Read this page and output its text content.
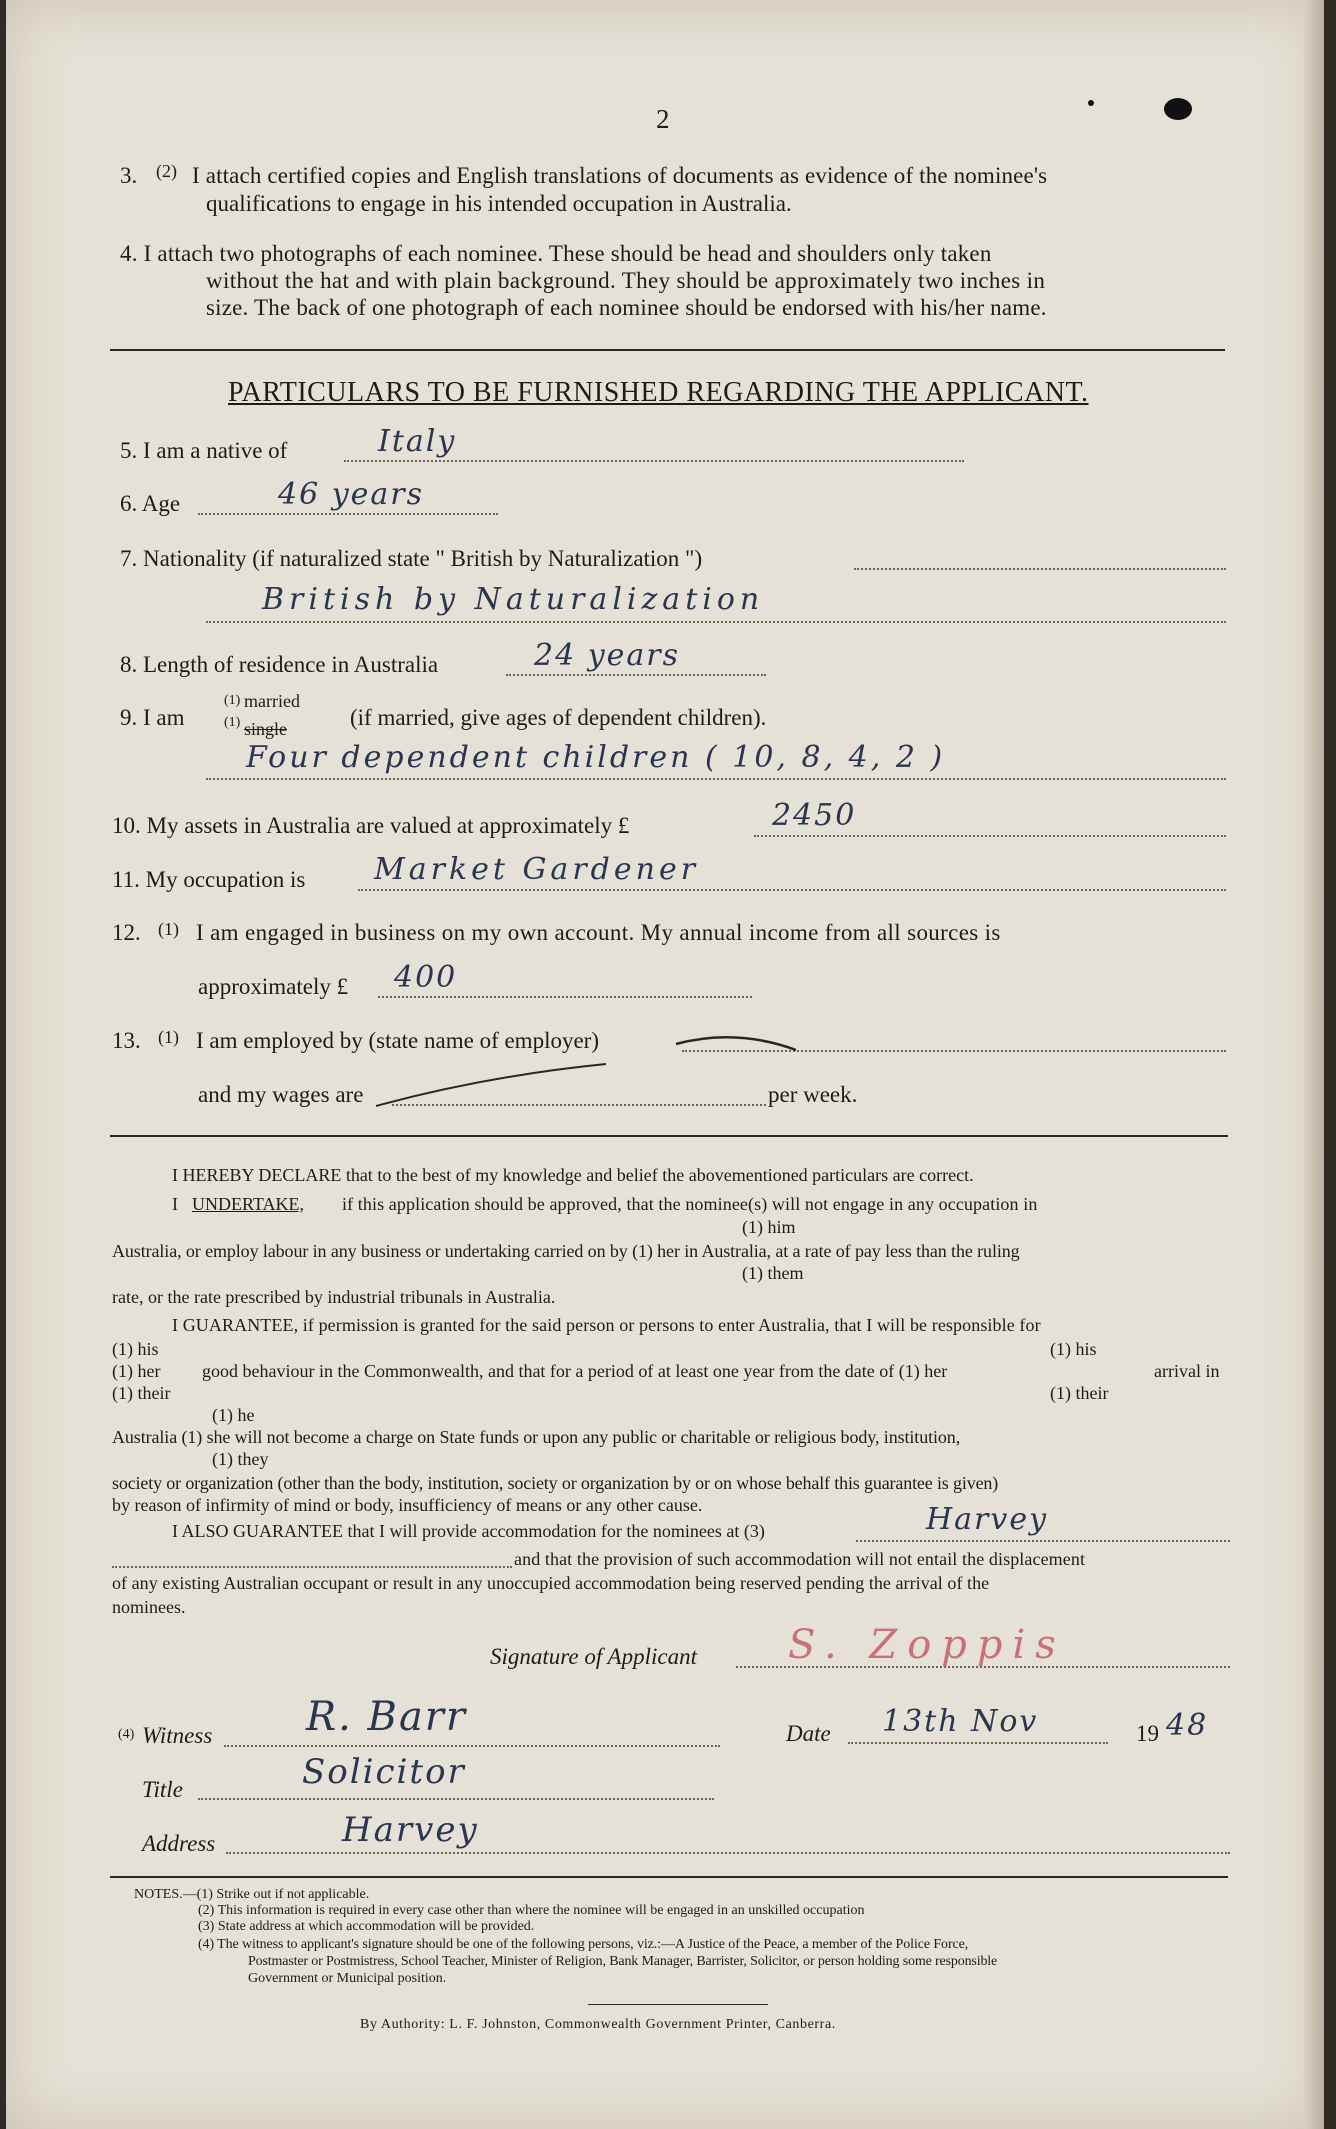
2
3. (2) I attach certified copies and English translations of documents as evidence of the nominee's
qualifications to engage in his intended occupation in Australia.
4. I attach two photographs of each nominee. These should be head and shoulders only taken
without the hat and with plain background. They should be approximately two inches in
size. The back of one photograph of each nominee should be endorsed with his/her name.
PARTICULARS TO BE FURNISHED REGARDING THE APPLICANT.
5. I am a native of	Italy
6. Age	46 years
7. Nationality (if naturalized state " British by Naturalization ")
British by Naturalization
8. Length of residence in Australia	24 years
9. I am
(1) married
(1) single	(if married, give ages of dependent children).
Four dependent children ( 10, 8, 4, 2 )
10. My assets in Australia are valued at approximately £	2450
11. My occupation is Market Gardener
12. (1) I am engaged in business on my own account. My annual income from all sources is
approximately £ 400
13. (1) I am employed by (state name of employer)
and my wages are	per week.
I HEREBY DECLARE that to the best of my knowledge and belief the abovementioned particulars are correct.
I UNDERTAKE, if this application should be approved, that the nominee(s) will not engage in any occupation in
(1) him
Australia, or employ labour in any business or undertaking carried on by (1) her in Australia, at a rate of pay less than the ruling
(1) them
rate, or the rate prescribed by industrial tribunals in Australia.
I GUARANTEE, if permission is granted for the said person or persons to enter Australia, that I will be responsible for
(1) his
(1) her
(1) their
good behaviour in the Commonwealth, and that for a period of at least one year from the date of (1) her
(1) his
(1) their
arrival in
(1) he
Australia (1) she will not become a charge on State funds or upon any public or charitable or religious body, institution,
(1) they
society or organization (other than the body, institution, society or organization by or on whose behalf this guarantee is given)
by reason of infirmity of mind or body, insufficiency of means or any other cause.
I ALSO GUARANTEE that I will provide accommodation for the nominees at (3)	Harvey
and that the provision of such accommodation will not entail the displacement
of any existing Australian occupant or result in any unoccupied accommodation being reserved pending the arrival of the
nominees.
Signature of Applicant S. Zoppis
(4) Witness R. Barr	Date 13th Nov	19 48
Title	Solicitor
Address	Harvey
NOTES.—(1) Strike out if not applicable.
(2) This information is required in every case other than where the nominee will be engaged in an unskilled occupation
(3) State address at which accommodation will be provided.
(4) The witness to applicant's signature should be one of the following persons, viz.:—A Justice of the Peace, a member of the Police Force,
Postmaster or Postmistress, School Teacher, Minister of Religion, Bank Manager, Barrister, Solicitor, or person holding some responsible
Government or Municipal position.
By Authority: L. F. Johnston, Commonwealth Government Printer, Canberra.
